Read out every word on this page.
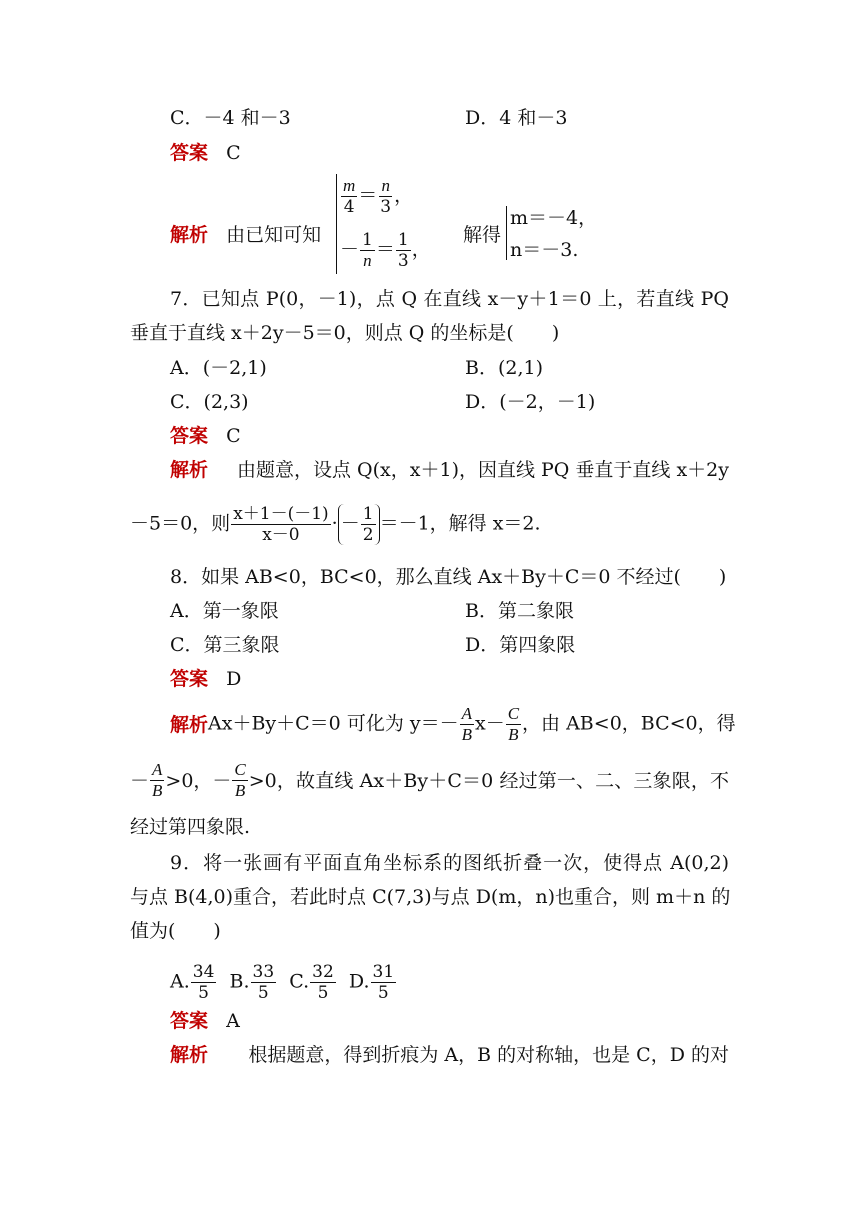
C．－4 和－3	D．4 和－3
答案 C
解析 由已知可知
$\frac{m}{4} = \frac{n}{3}$ ，
－ $\frac{1}{n} = \frac{1}{3}$ ，
解得
m＝－4，
n＝－3.
7．已知点 P(0，－1)，点 Q 在直线 x－y＋1＝0 上，若直线 PQ
垂直于直线 x＋2y－5＝0，则点 Q 的坐标是(　　)
A．(－2,1)	B．(2,1)
C．(2,3)	D．(－2，－1)
答案 C
解析 由题意，设点 Q(x，x＋1)，因直线 PQ 垂直于直线 x＋2y
－5＝0，则 $\frac{x+1-(-1)}{x-0}$ · － $\frac{1}{2} =-1$，解得 x＝2.
8．如果 AB<0，BC<0，那么直线 Ax＋By＋C＝0 不经过(　　)
A．第一象限	B．第二象限
C．第三象限	D．第四象限
答案 D
解析 Ax＋By＋C＝0 可化为 $y=- \frac{A}{B} x- \frac{C}{B}$ ，由 AB<0，BC<0，得
－ $\frac{A}{B} >0$，－ $\frac{C}{B} >0$，故直线 Ax＋By＋C＝0 经过第一、二、三象限，不
经过第四象限.
9．将一张画有平面直角坐标系的图纸折叠一次，使得点 A(0,2)
与点 B(4,0)重合，若此时点 C(7,3)与点 D(m，n)也重合，则 m＋n 的
值为(　　)
A. $\frac{34}{5} B$. $\frac{33}{5} C$. $\frac{32}{5} D$. $\frac{31}{5}$
答案 A
解析 根据题意，得到折痕为 A，B 的对称轴，也是 C，D 的对
